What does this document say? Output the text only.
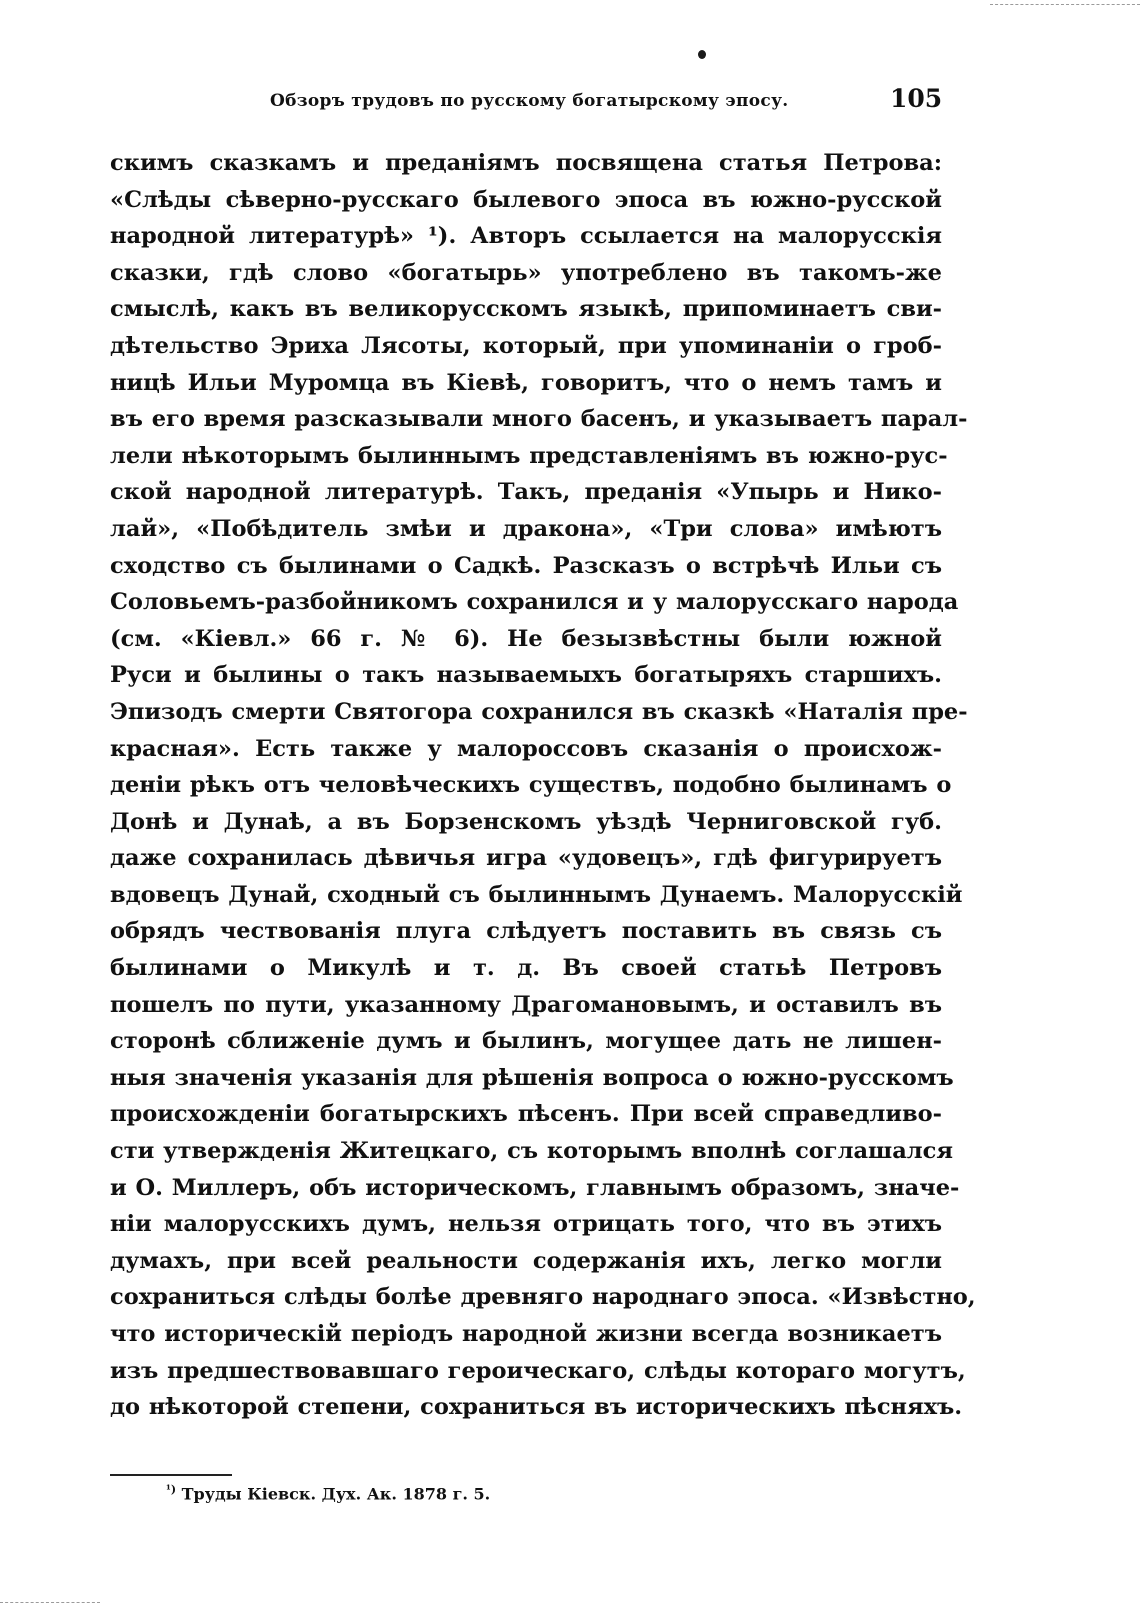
Обзоръ трудовъ по русскому богатырскому эпосу.	105
скимъ сказкамъ и преданіямъ посвящена статья Петрова:
«Слѣды сѣверно-русскаго былевого эпоса въ южно-русской
народной литературѣ» ¹). Авторъ ссылается на малорусскія
сказки, гдѣ слово «богатырь» употреблено въ такомъ-же
смыслѣ, какъ въ великорусскомъ языкѣ, припоминаетъ сви-
дѣтельство Эриха Лясоты, который, при упоминаніи о гроб-
ницѣ Ильи Муромца въ Кіевѣ, говоритъ, что о немъ тамъ и
въ его время разсказывали много басенъ, и указываетъ парал-
лели нѣкоторымъ былиннымъ представленіямъ въ южно-рус-
ской народной литературѣ. Такъ, преданія «Упырь и Нико-
лай», «Побѣдитель змѣи и дракона», «Три слова» имѣютъ
сходство съ былинами о Садкѣ. Разсказъ о встрѣчѣ Ильи съ
Соловьемъ-разбойникомъ сохранился и у малорусскаго народа
(см. «Кіевл.» 66 г. № 6). Не безызвѣстны были южной
Руси и былины о такъ называемыхъ богатыряхъ старшихъ.
Эпизодъ смерти Святогора сохранился въ сказкѣ «Наталія пре-
красная». Есть также у малороссовъ сказанія о происхож-
деніи рѣкъ отъ человѣческихъ существъ, подобно былинамъ о
Донѣ и Дунаѣ, а въ Борзенскомъ уѣздѣ Черниговской губ.
даже сохранилась дѣвичья игра «удовецъ», гдѣ фигурируетъ
вдовецъ Дунай, сходный съ былиннымъ Дунаемъ. Малорусскій
обрядъ чествованія плуга слѣдуетъ поставить въ связь съ
былинами о Микулѣ и т. д. Въ своей статьѣ Петровъ
пошелъ по пути, указанному Драгомановымъ, и оставилъ въ
сторонѣ сближеніе думъ и былинъ, могущее дать не лишен-
ныя значенія указанія для рѣшенія вопроса о южно-русскомъ
происхожденіи богатырскихъ пѣсенъ. При всей справедливо-
сти утвержденія Житецкаго, съ которымъ вполнѣ соглашался
и О. Миллеръ, объ историческомъ, главнымъ образомъ, значе-
ніи малорусскихъ думъ, нельзя отрицать того, что въ этихъ
думахъ, при всей реальности содержанія ихъ, легко могли
сохраниться слѣды болѣе древняго народнаго эпоса. «Извѣстно,
что историческій періодъ народной жизни всегда возникаетъ
изъ предшествовавшаго героическаго, слѣды котораго могутъ,
до нѣкоторой степени, сохраниться въ историческихъ пѣсняхъ.
$^{^1)}$ Труды Кіевск. Дух. Ак. 1878 г. 5.
